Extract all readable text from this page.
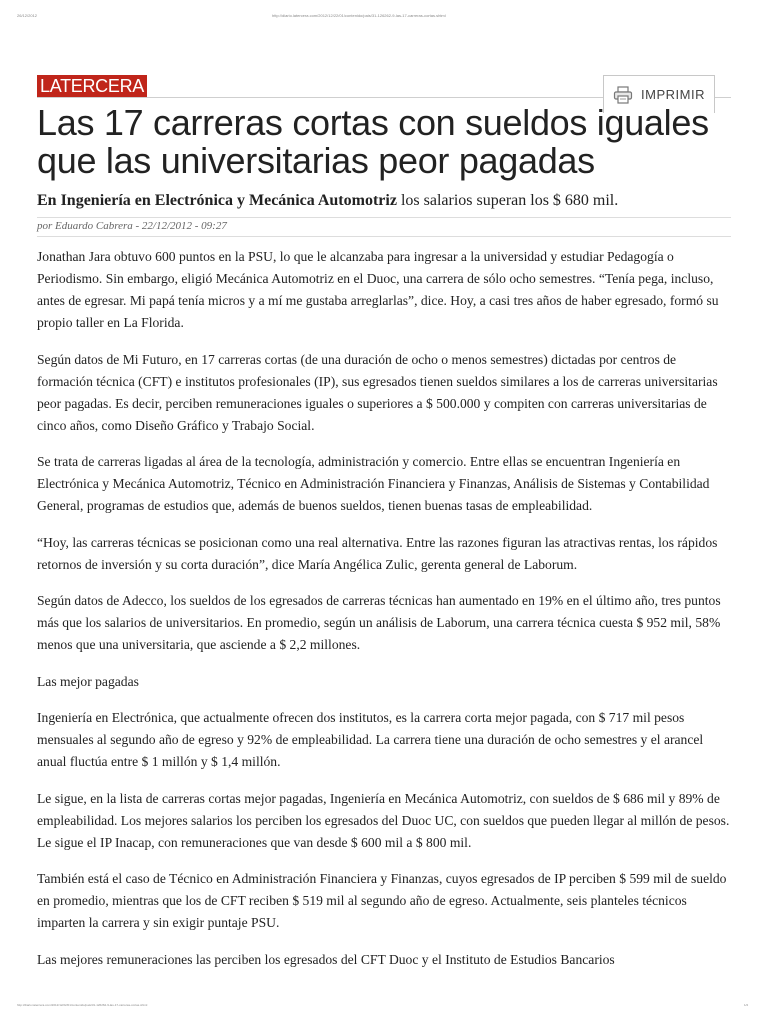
26/12/2012	http://diario.latercera.com/2012/12/22/01/contenido/pais/31-126262-9-las-17-carreras-cortas.shtml
LATERCERA	IMPRIMIR
Las 17 carreras cortas con sueldos iguales que las universitarias peor pagadas

En Ingeniería en Electrónica y Mecánica Automotriz los salarios superan los $ 680 mil.

por Eduardo Cabrera - 22/12/2012 - 09:27

Jonathan Jara obtuvo 600 puntos en la PSU, lo que le alcanzaba para ingresar a la universidad y estudiar Pedagogía o Periodismo. Sin embargo, eligió Mecánica Automotriz en el Duoc, una carrera de sólo ocho semestres. “Tenía pega, incluso, antes de egresar. Mi papá tenía micros y a mí me gustaba arreglarlas”, dice. Hoy, a casi tres años de haber egresado, formó su propio taller en La Florida.

Según datos de Mi Futuro, en 17 carreras cortas (de una duración de ocho o menos semestres) dictadas por centros de formación técnica (CFT) e institutos profesionales (IP), sus egresados tienen sueldos similares a los de carreras universitarias peor pagadas. Es decir, perciben remuneraciones iguales o superiores a $ 500.000 y compiten con carreras universitarias de cinco años, como Diseño Gráfico y Trabajo Social.

Se trata de carreras ligadas al área de la tecnología, administración y comercio. Entre ellas se encuentran Ingeniería en Electrónica y Mecánica Automotriz, Técnico en Administración Financiera y Finanzas, Análisis de Sistemas y Contabilidad General, programas de estudios que, además de buenos sueldos, tienen buenas tasas de empleabilidad.

“Hoy, las carreras técnicas se posicionan como una real alternativa. Entre las razones figuran las atractivas rentas, los rápidos retornos de inversión y su corta duración”, dice María Angélica Zulic, gerenta general de Laborum.

Según datos de Adecco, los sueldos de los egresados de carreras técnicas han aumentado en 19% en el último año, tres puntos más que los salarios de universitarios. En promedio, según un análisis de Laborum, una carrera técnica cuesta $ 952 mil, 58% menos que una universitaria, que asciende a $ 2,2 millones.

Las mejor pagadas

Ingeniería en Electrónica, que actualmente ofrecen dos institutos, es la carrera corta mejor pagada, con $ 717 mil pesos mensuales al segundo año de egreso y 92% de empleabilidad. La carrera tiene una duración de ocho semestres y el arancel anual fluctúa entre $ 1 millón y $ 1,4 millón.

Le sigue, en la lista de carreras cortas mejor pagadas, Ingeniería en Mecánica Automotriz, con sueldos de $ 686 mil y 89% de empleabilidad. Los mejores salarios los perciben los egresados del Duoc UC, con sueldos que pueden llegar al millón de pesos. Le sigue el IP Inacap, con remuneraciones que van desde $ 600 mil a $ 800 mil.

También está el caso de Técnico en Administración Financiera y Finanzas, cuyos egresados de IP perciben $ 599 mil de sueldo en promedio, mientras que los de CFT reciben $ 519 mil al segundo año de egreso. Actualmente, seis planteles técnicos imparten la carrera y sin exigir puntaje PSU.

Las mejores remuneraciones las perciben los egresados del CFT Duoc y el Instituto de Estudios Bancarios

http://diario.latercera.com/2012/12/22/01/contenido/pais/31-126262-9-las-17-carreras-cortas.shtml	1/2
